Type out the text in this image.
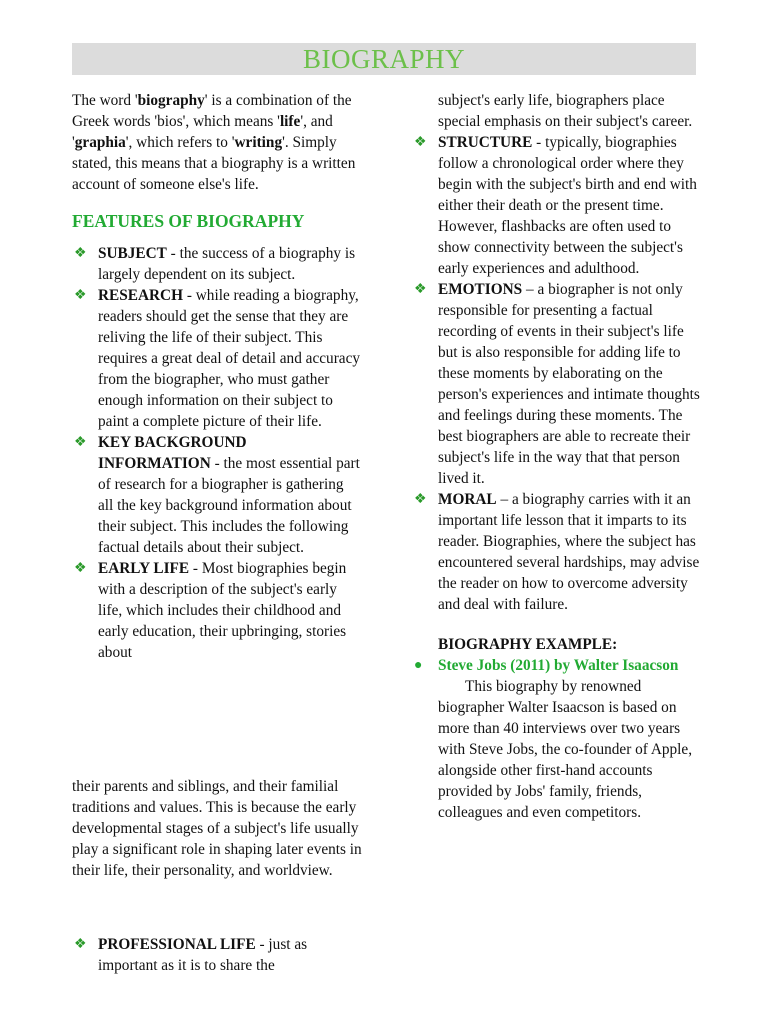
BIOGRAPHY

The word 'biography' is a combination of the Greek words 'bios', which means 'life', and 'graphia', which refers to 'writing'. Simply stated, this means that a biography is a written account of someone else's life.

FEATURES OF BIOGRAPHY

❖ SUBJECT - the success of a biography is largely dependent on its subject.
❖ RESEARCH - while reading a biography, readers should get the sense that they are reliving the life of their subject. This requires a great deal of detail and accuracy from the biographer, who must gather enough information on their subject to paint a complete picture of their life.
❖ KEY BACKGROUND INFORMATION - the most essential part of research for a biographer is gathering all the key background information about their subject. This includes the following factual details about their subject.
❖ EARLY LIFE - Most biographies begin with a description of the subject's early life, which includes their childhood and early education, their upbringing, stories about

their parents and siblings, and their familial traditions and values. This is because the early developmental stages of a subject's life usually play a significant role in shaping later events in their life, their personality, and worldview.

❖ PROFESSIONAL LIFE - just as important as it is to share the

subject's early life, biographers place special emphasis on their subject's career.

❖ STRUCTURE - typically, biographies follow a chronological order where they begin with the subject's birth and end with either their death or the present time. However, flashbacks are often used to show connectivity between the subject's early experiences and adulthood.
❖ EMOTIONS – a biographer is not only responsible for presenting a factual recording of events in their subject's life but is also responsible for adding life to these moments by elaborating on the person's experiences and intimate thoughts and feelings during these moments. The best biographers are able to recreate their subject's life in the way that that person lived it.
❖ MORAL – a biography carries with it an important life lesson that it imparts to its reader. Biographies, where the subject has encountered several hardships, may advise the reader on how to overcome adversity and deal with failure.

BIOGRAPHY EXAMPLE:

● Steve Jobs (2011) by Walter Isaacson

This biography by renowned biographer Walter Isaacson is based on more than 40 interviews over two years with Steve Jobs, the co-founder of Apple, alongside other first-hand accounts provided by Jobs' family, friends, colleagues and even competitors.
